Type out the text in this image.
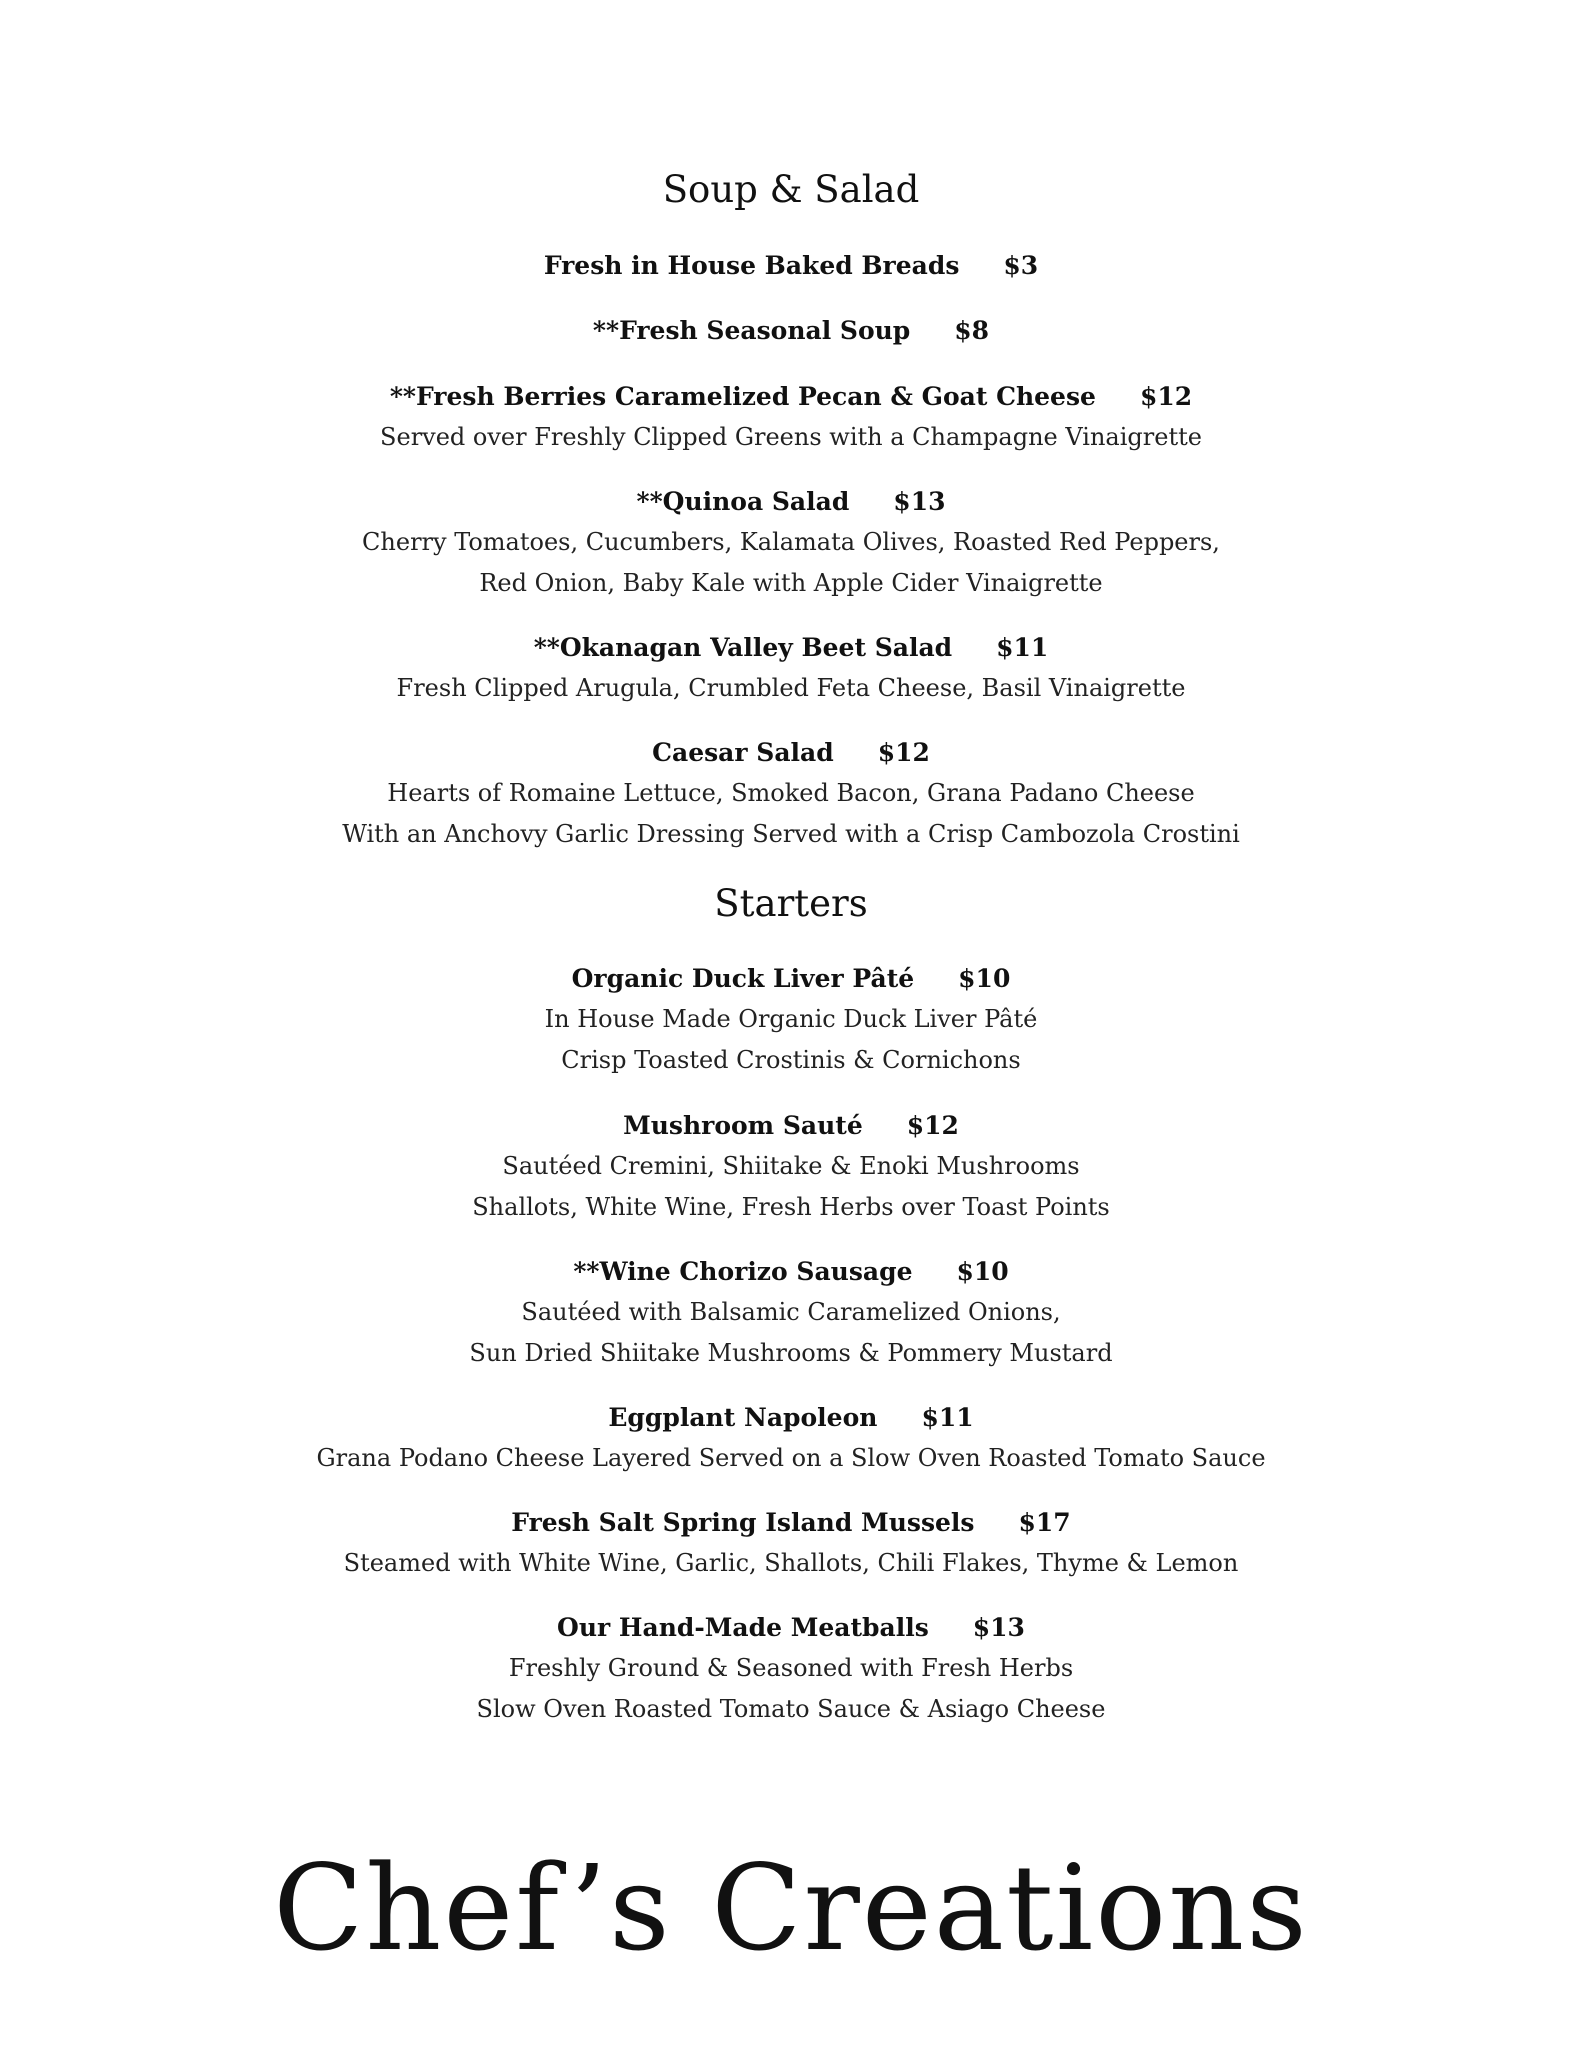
Soup & Salad
Fresh in House Baked Breads $3
**Fresh Seasonal Soup $8
**Fresh Berries Caramelized Pecan & Goat Cheese $12
Served over Freshly Clipped Greens with a Champagne Vinaigrette
**Quinoa Salad $13
Cherry Tomatoes, Cucumbers, Kalamata Olives, Roasted Red Peppers,
Red Onion, Baby Kale with Apple Cider Vinaigrette
**Okanagan Valley Beet Salad $11
Fresh Clipped Arugula, Crumbled Feta Cheese, Basil Vinaigrette
Caesar Salad $12
Hearts of Romaine Lettuce, Smoked Bacon, Grana Padano Cheese
With an Anchovy Garlic Dressing Served with a Crisp Cambozola Crostini
Starters
Organic Duck Liver Pâté $10
In House Made Organic Duck Liver Pâté
Crisp Toasted Crostinis & Cornichons
Mushroom Sauté $12
Sautéed Cremini, Shiitake & Enoki Mushrooms
Shallots, White Wine, Fresh Herbs over Toast Points
**Wine Chorizo Sausage $10
Sautéed with Balsamic Caramelized Onions,
Sun Dried Shiitake Mushrooms & Pommery Mustard
Eggplant Napoleon $11
Grana Podano Cheese Layered Served on a Slow Oven Roasted Tomato Sauce
Fresh Salt Spring Island Mussels $17
Steamed with White Wine, Garlic, Shallots, Chili Flakes, Thyme & Lemon
Our Hand-Made Meatballs $13
Freshly Ground & Seasoned with Fresh Herbs
Slow Oven Roasted Tomato Sauce & Asiago Cheese
Chef’s Creations
